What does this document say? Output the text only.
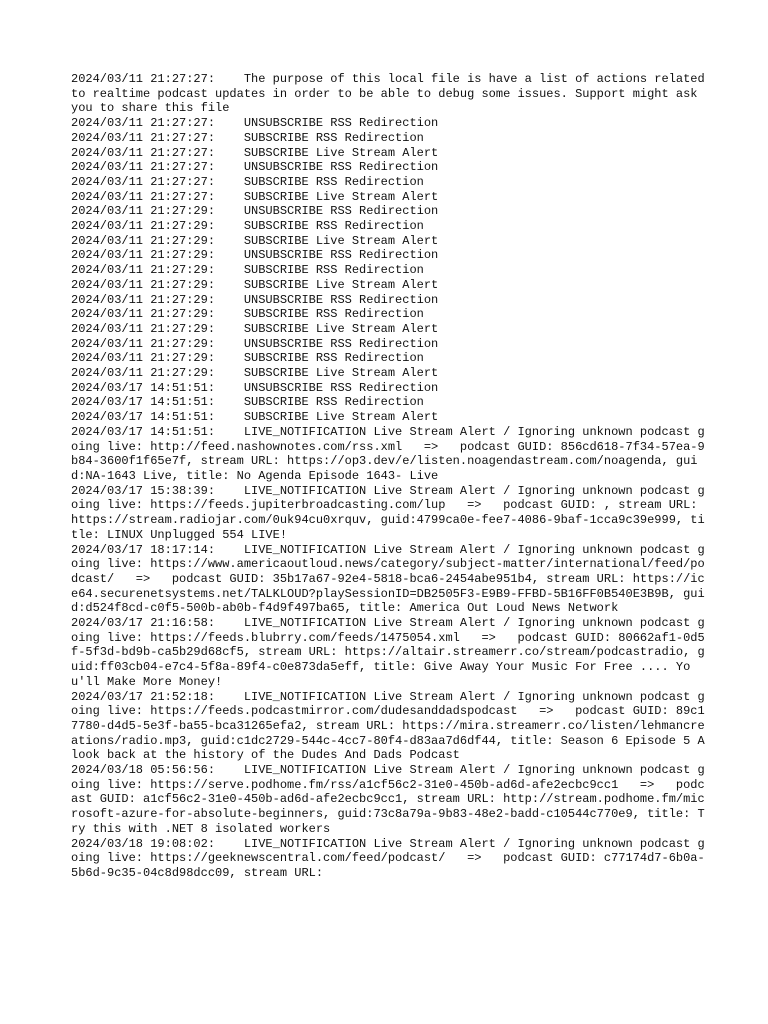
2024/03/11 21:27:27:	The purpose of this local file is have a list of actions related to realtime podcast updates in order to be able to debug some issues. Support might ask you to share this file
2024/03/11 21:27:27:	UNSUBSCRIBE RSS Redirection
2024/03/11 21:27:27:	SUBSCRIBE RSS Redirection
2024/03/11 21:27:27:	SUBSCRIBE Live Stream Alert
2024/03/11 21:27:27:	UNSUBSCRIBE RSS Redirection
2024/03/11 21:27:27:	SUBSCRIBE RSS Redirection
2024/03/11 21:27:27:	SUBSCRIBE Live Stream Alert
2024/03/11 21:27:29:	UNSUBSCRIBE RSS Redirection
2024/03/11 21:27:29:	SUBSCRIBE RSS Redirection
2024/03/11 21:27:29:	SUBSCRIBE Live Stream Alert
2024/03/11 21:27:29:	UNSUBSCRIBE RSS Redirection
2024/03/11 21:27:29:	SUBSCRIBE RSS Redirection
2024/03/11 21:27:29:	SUBSCRIBE Live Stream Alert
2024/03/11 21:27:29:	UNSUBSCRIBE RSS Redirection
2024/03/11 21:27:29:	SUBSCRIBE RSS Redirection
2024/03/11 21:27:29:	SUBSCRIBE Live Stream Alert
2024/03/11 21:27:29:	UNSUBSCRIBE RSS Redirection
2024/03/11 21:27:29:	SUBSCRIBE RSS Redirection
2024/03/11 21:27:29:	SUBSCRIBE Live Stream Alert
2024/03/17 14:51:51:	UNSUBSCRIBE RSS Redirection
2024/03/17 14:51:51:	SUBSCRIBE RSS Redirection
2024/03/17 14:51:51:	SUBSCRIBE Live Stream Alert
2024/03/17 14:51:51:	LIVE_NOTIFICATION Live Stream Alert / Ignoring unknown podcast going live: http://feed.nashownotes.com/rss.xml   =>   podcast GUID: 856cd618-7f34-57ea-9b84-3600f1f65e7f, stream URL: https://op3.dev/e/listen.noagendastream.com/noagenda, guid:NA-1643 Live, title: No Agenda Episode 1643- Live
2024/03/17 15:38:39:	LIVE_NOTIFICATION Live Stream Alert / Ignoring unknown podcast going live: https://feeds.jupiterbroadcasting.com/lup   =>   podcast GUID: , stream URL: https://stream.radiojar.com/0uk94cu0xrquv, guid:4799ca0e-fee7-4086-9baf-1cca9c39e999, title: LINUX Unplugged 554 LIVE!
2024/03/17 18:17:14:	LIVE_NOTIFICATION Live Stream Alert / Ignoring unknown podcast going live: https://www.americaoutloud.news/category/subject-matter/international/feed/podcast/   =>   podcast GUID: 35b17a67-92e4-5818-bca6-2454abe951b4, stream URL: https://ice64.securenetsystems.net/TALKLOUD?playSessionID=DB2505F3-E9B9-FFBD-5B16FF0B540E3B9B, guid:d524f8cd-c0f5-500b-ab0b-f4d9f497ba65, title: America Out Loud News Network
2024/03/17 21:16:58:	LIVE_NOTIFICATION Live Stream Alert / Ignoring unknown podcast going live: https://feeds.blubrry.com/feeds/1475054.xml   =>   podcast GUID: 80662af1-0d5f-5f3d-bd9b-ca5b29d68cf5, stream URL: https://altair.streamerr.co/stream/podcastradio, guid:ff03cb04-e7c4-5f8a-89f4-c0e873da5eff, title: Give Away Your Music For Free .... You'll Make More Money!
2024/03/17 21:52:18:	LIVE_NOTIFICATION Live Stream Alert / Ignoring unknown podcast going live: https://feeds.podcastmirror.com/dudesanddadspodcast   =>   podcast GUID: 89c17780-d4d5-5e3f-ba55-bca31265efa2, stream URL: https://mira.streamerr.co/listen/lehmancreations/radio.mp3, guid:c1dc2729-544c-4cc7-80f4-d83aa7d6df44, title: Season 6 Episode 5 A look back at the history of the Dudes And Dads Podcast
2024/03/18 05:56:56:	LIVE_NOTIFICATION Live Stream Alert / Ignoring unknown podcast going live: https://serve.podhome.fm/rss/a1cf56c2-31e0-450b-ad6d-afe2ecbc9cc1   =>   podcast GUID: a1cf56c2-31e0-450b-ad6d-afe2ecbc9cc1, stream URL: http://stream.podhome.fm/microsoft-azure-for-absolute-beginners, guid:73c8a79a-9b83-48e2-badd-c10544c770e9, title: Try this with .NET 8 isolated workers
2024/03/18 19:08:02:	LIVE_NOTIFICATION Live Stream Alert / Ignoring unknown podcast going live: https://geeknewscentral.com/feed/podcast/   =>   podcast GUID: c77174d7-6b0a-5b6d-9c35-04c8d98dcc09, stream URL:
